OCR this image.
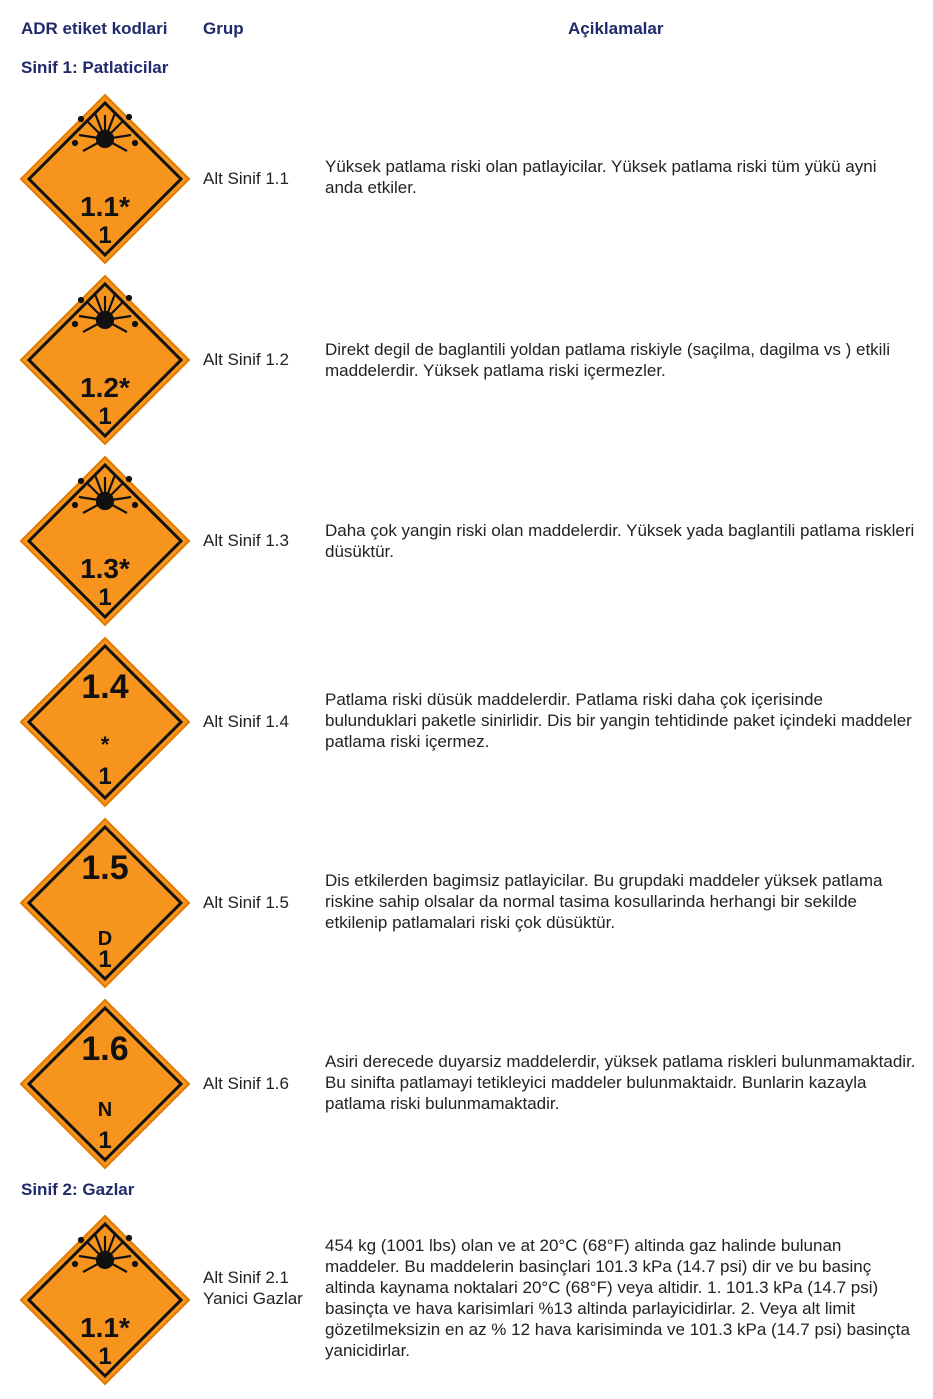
ADR etiket kodlari Grup	Açiklamalar
Sinif 1: Patlaticilar
1.1*
1
Alt Sinif 1.1
Yüksek patlama riski olan patlayicilar. Yüksek patlama riski tüm yükü ayni anda etkiler.
1.2*
1
Alt Sinif 1.2
Direkt degil de baglantili yoldan patlama riskiyle (saçilma, dagilma vs ) etkili maddelerdir. Yüksek patlama riski içermezler.
1.3*
1
Alt Sinif 1.3
Daha çok yangin riski olan maddelerdir. Yüksek yada baglantili patlama riskleri düsüktür.
1.4
*
1
Alt Sinif 1.4
Patlama riski düsük maddelerdir. Patlama riski daha çok içerisinde bulunduklari paketle sinirlidir. Dis bir yangin tehtidinde paket içindeki maddeler patlama riski içermez.
1.5
D
1
Alt Sinif 1.5
Dis etkilerden bagimsiz patlayicilar. Bu grupdaki maddeler yüksek patlama riskine sahip olsalar da normal tasima kosullarinda herhangi bir sekilde etkilenip patlamalari riski çok düsüktür.
1.6
N
1
Alt Sinif 1.6
Asiri derecede duyarsiz maddelerdir, yüksek patlama riskleri bulunmamaktadir. Bu sinifta patlamayi tetikleyici maddeler bulunmaktaidr. Bunlarin kazayla patlama riski bulunmamaktadir.
Sinif 2: Gazlar
1.1*
1
Alt Sinif 2.1 Yanici Gazlar
454 kg (1001 lbs) olan ve at 20°C (68°F) altinda gaz halinde bulunan maddeler. Bu maddelerin basinçlari 101.3 kPa (14.7 psi) dir ve bu basinç altinda kaynama noktalari 20°C (68°F) veya altidir. 1. 101.3 kPa (14.7 psi) basinçta ve hava karisimlari %13 altinda parlayicidirlar. 2. Veya alt limit gözetilmeksizin en az % 12 hava karisiminda ve 101.3 kPa (14.7 psi) basinçta yanicidirlar.
